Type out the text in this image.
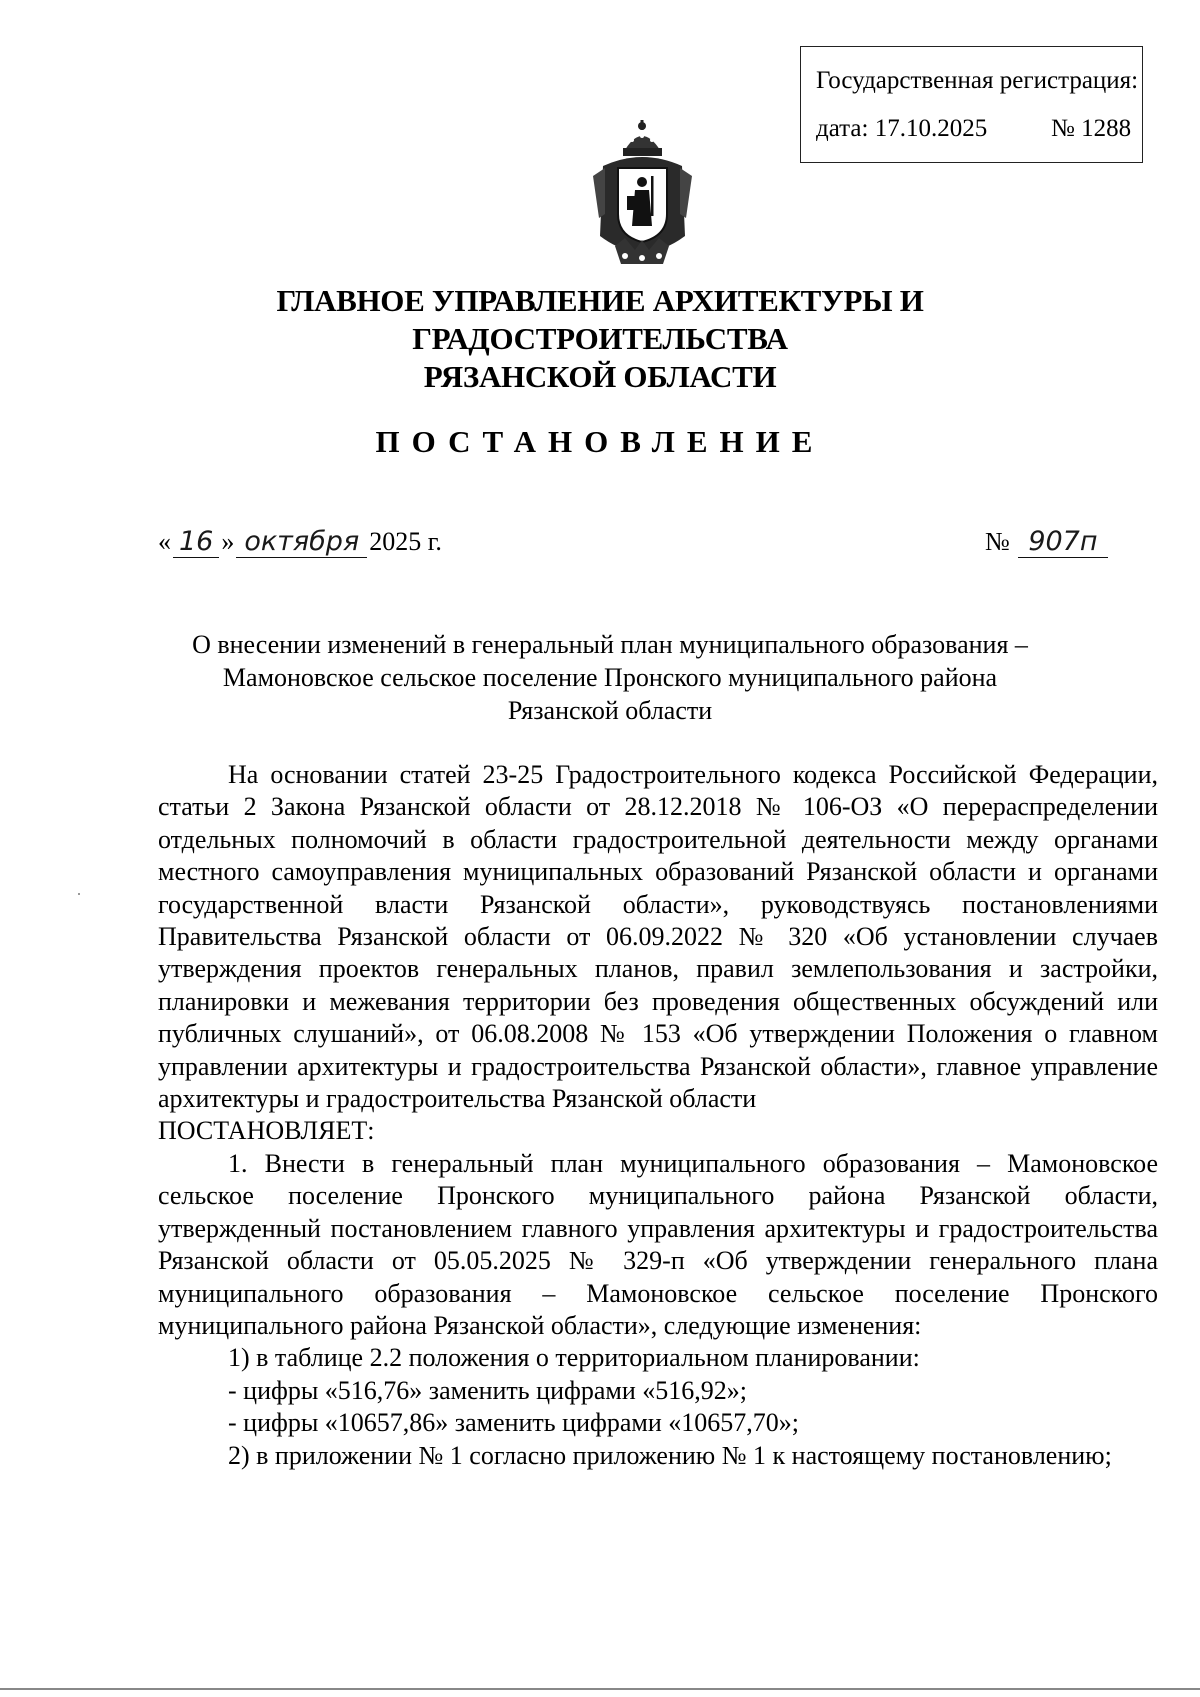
Государственная регистрация:
дата: 17.10.2025	№ 1288
ГЛАВНОЕ УПРАВЛЕНИЕ АРХИТЕКТУРЫ И ГРАДОСТРОИТЕЛЬСТВА
РЯЗАНСКОЙ ОБЛАСТИ
ПОСТАНОВЛЕНИЕ
« 16 » октября 2025 г.	№ 907п
О внесении изменений в генеральный план муниципального образования –
Мамоновское сельское поселение Пронского муниципального района
Рязанской области

На основании статей 23-25 Градостроительного кодекса Российской Федерации, статьи 2 Закона Рязанской области от 28.12.2018 № 106-ОЗ «О перераспределении отдельных полномочий в области градостроительной деятельности между органами местного самоуправления муниципальных образований Рязанской области и органами государственной власти Рязанской области», руководствуясь постановлениями Правительства Рязанской области от 06.09.2022 № 320 «Об установлении случаев утверждения проектов генеральных планов, правил землепользования и застройки, планировки и межевания территории без проведения общественных обсуждений или публичных слушаний», от 06.08.2008 № 153 «Об утверждении Положения о главном управлении архитектуры и градостроительства Рязанской области», главное управление архитектуры и градостроительства Рязанской области

ПОСТАНОВЛЯЕТ:

1. Внести в генеральный план муниципального образования – Мамоновское сельское поселение Пронского муниципального района Рязанской области, утвержденный постановлением главного управления архитектуры и градостроительства Рязанской области от 05.05.2025 № 329-п «Об утверждении генерального плана муниципального образования – Мамоновское сельское поселение Пронского муниципального района Рязанской области», следующие изменения:

1) в таблице 2.2 положения о территориальном планировании:

- цифры «516,76» заменить цифрами «516,92»;

- цифры «10657,86» заменить цифрами «10657,70»;

2) в приложении № 1 согласно приложению № 1 к настоящему постановлению;
